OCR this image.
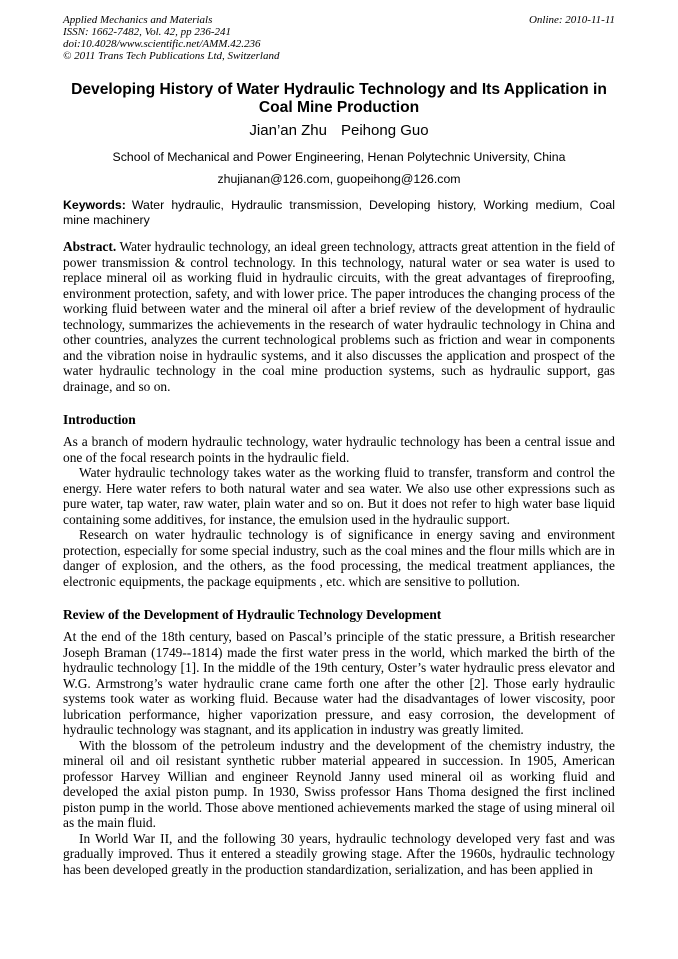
Applied Mechanics and Materials
ISSN: 1662-7482, Vol. 42, pp 236-241
doi:10.4028/www.scientific.net/AMM.42.236
© 2011 Trans Tech Publications Ltd, Switzerland
Online: 2010-11-11
Developing History of Water Hydraulic Technology and Its Application in Coal Mine Production
Jian’an Zhu Peihong Guo
School of Mechanical and Power Engineering, Henan Polytechnic University, China
zhujianan@126.com, guopeihong@126.com
Keywords: Water hydraulic, Hydraulic transmission, Developing history, Working medium, Coal mine machinery

Abstract. Water hydraulic technology, an ideal green technology, attracts great attention in the field of power transmission & control technology. In this technology, natural water or sea water is used to replace mineral oil as working fluid in hydraulic circuits, with the great advantages of fireproofing, environment protection, safety, and with lower price. The paper introduces the changing process of the working fluid between water and the mineral oil after a brief review of the development of hydraulic technology, summarizes the achievements in the research of water hydraulic technology in China and other countries, analyzes the current technological problems such as friction and wear in components and the vibration noise in hydraulic systems, and it also discusses the application and prospect of the water hydraulic technology in the coal mine production systems, such as hydraulic support, gas drainage, and so on.

Introduction

As a branch of modern hydraulic technology, water hydraulic technology has been a central issue and one of the focal research points in the hydraulic field.

Water hydraulic technology takes water as the working fluid to transfer, transform and control the energy. Here water refers to both natural water and sea water. We also use other expressions such as pure water, tap water, raw water, plain water and so on. But it does not refer to high water base liquid containing some additives, for instance, the emulsion used in the hydraulic support.

Research on water hydraulic technology is of significance in energy saving and environment protection, especially for some special industry, such as the coal mines and the flour mills which are in danger of explosion, and the others, as the food processing, the medical treatment appliances, the electronic equipments, the package equipments , etc. which are sensitive to pollution.

Review of the Development of Hydraulic Technology Development

At the end of the 18th century, based on Pascal’s principle of the static pressure, a British researcher Joseph Braman (1749--1814) made the first water press in the world, which marked the birth of the hydraulic technology [1]. In the middle of the 19th century, Oster’s water hydraulic press elevator and W.G. Armstrong’s water hydraulic crane came forth one after the other [2]. Those early hydraulic systems took water as working fluid. Because water had the disadvantages of lower viscosity, poor lubrication performance, higher vaporization pressure, and easy corrosion, the development of hydraulic technology was stagnant, and its application in industry was greatly limited.

With the blossom of the petroleum industry and the development of the chemistry industry, the mineral oil and oil resistant synthetic rubber material appeared in succession. In 1905, American professor Harvey Willian and engineer Reynold Janny used mineral oil as working fluid and developed the axial piston pump. In 1930, Swiss professor Hans Thoma designed the first inclined piston pump in the world. Those above mentioned achievements marked the stage of using mineral oil as the main fluid.

In World War II, and the following 30 years, hydraulic technology developed very fast and was gradually improved. Thus it entered a steadily growing stage. After the 1960s, hydraulic technology has been developed greatly in the production standardization, serialization, and has been applied in
